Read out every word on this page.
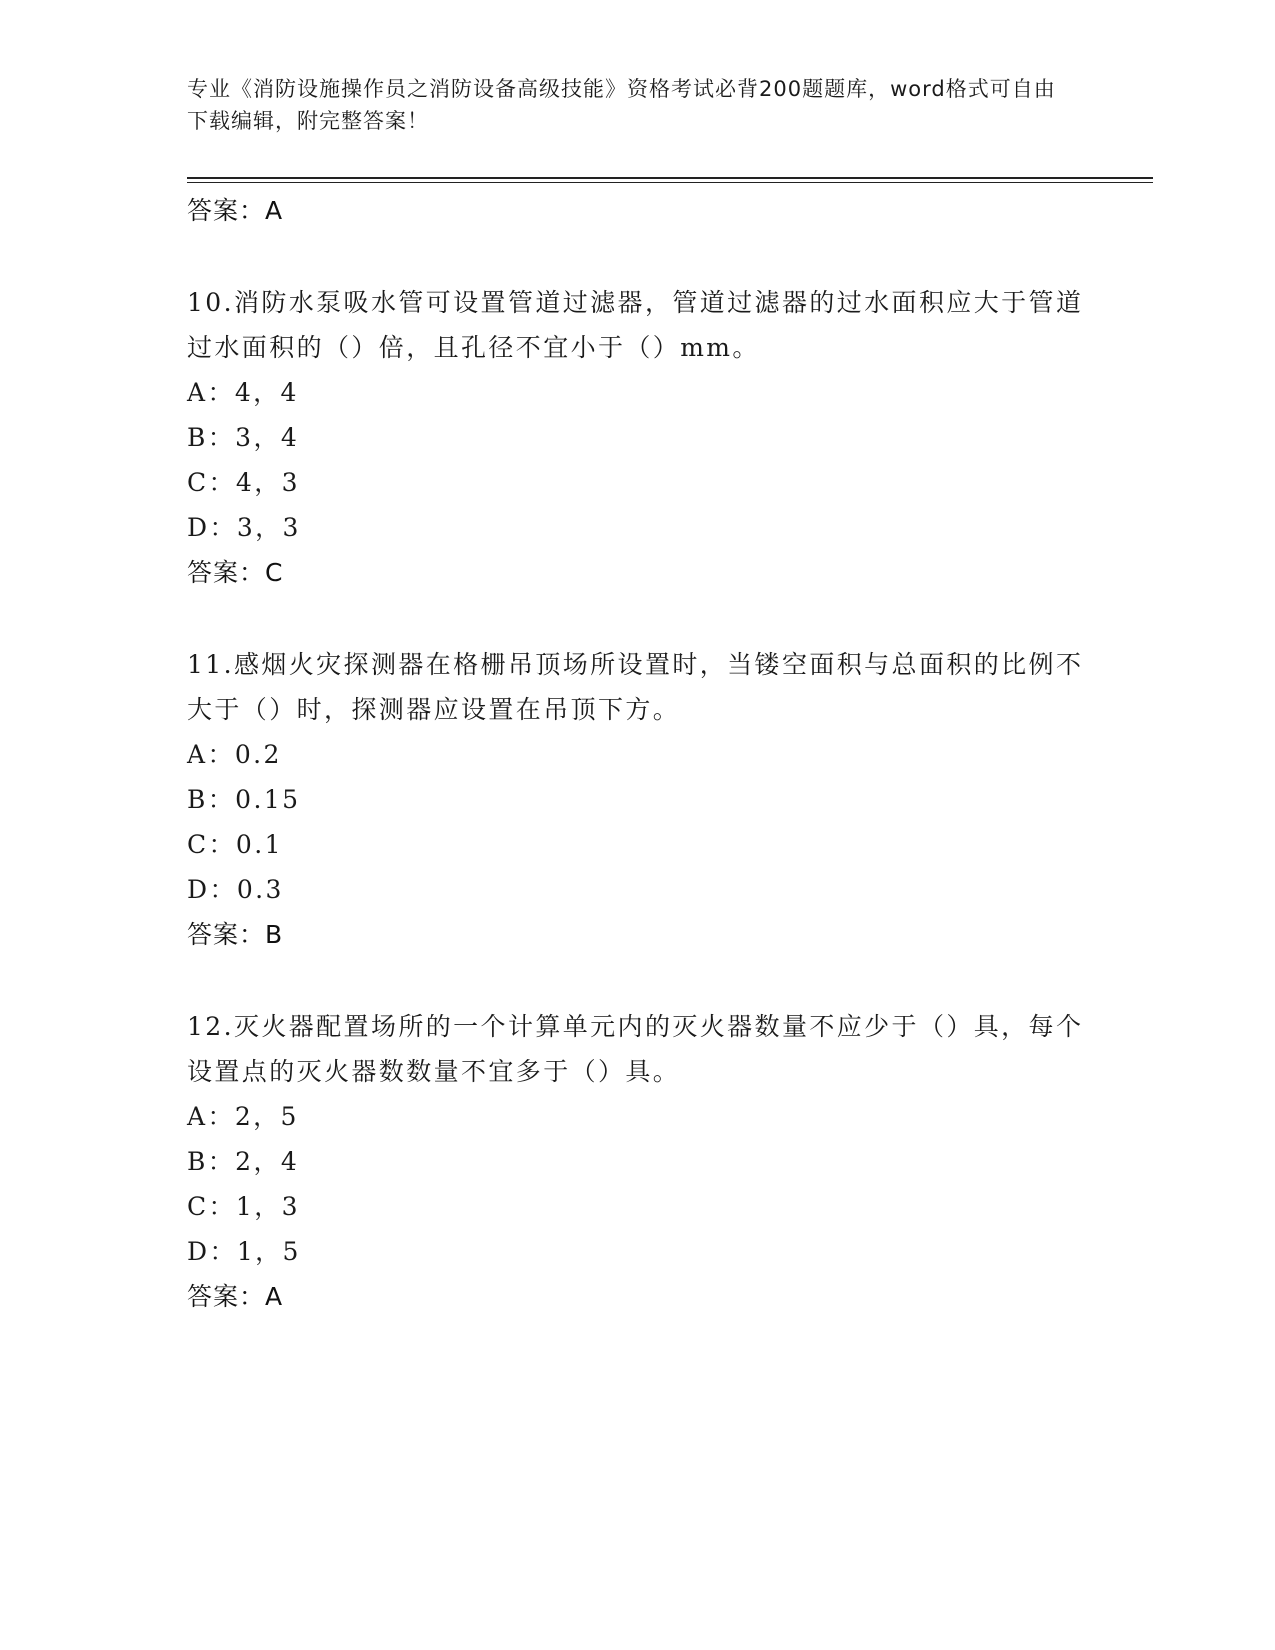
专业《消防设施操作员之消防设备高级技能》资格考试必背200题题库，word格式可自由下载编辑，附完整答案！
答案：A
10.消防水泵吸水管可设置管道过滤器，管道过滤器的过水面积应大于管道过水面积的（）倍，且孔径不宜小于（）mm。
A：4，4
B：3，4
C：4，3
D：3，3
答案：C
11.感烟火灾探测器在格栅吊顶场所设置时，当镂空面积与总面积的比例不大于（）时，探测器应设置在吊顶下方。
A：0.2
B：0.15
C：0.1
D：0.3
答案：B
12.灭火器配置场所的一个计算单元内的灭火器数量不应少于（）具，每个设置点的灭火器数数量不宜多于（）具。
A：2，5
B：2，4
C：1，3
D：1，5
答案：A
